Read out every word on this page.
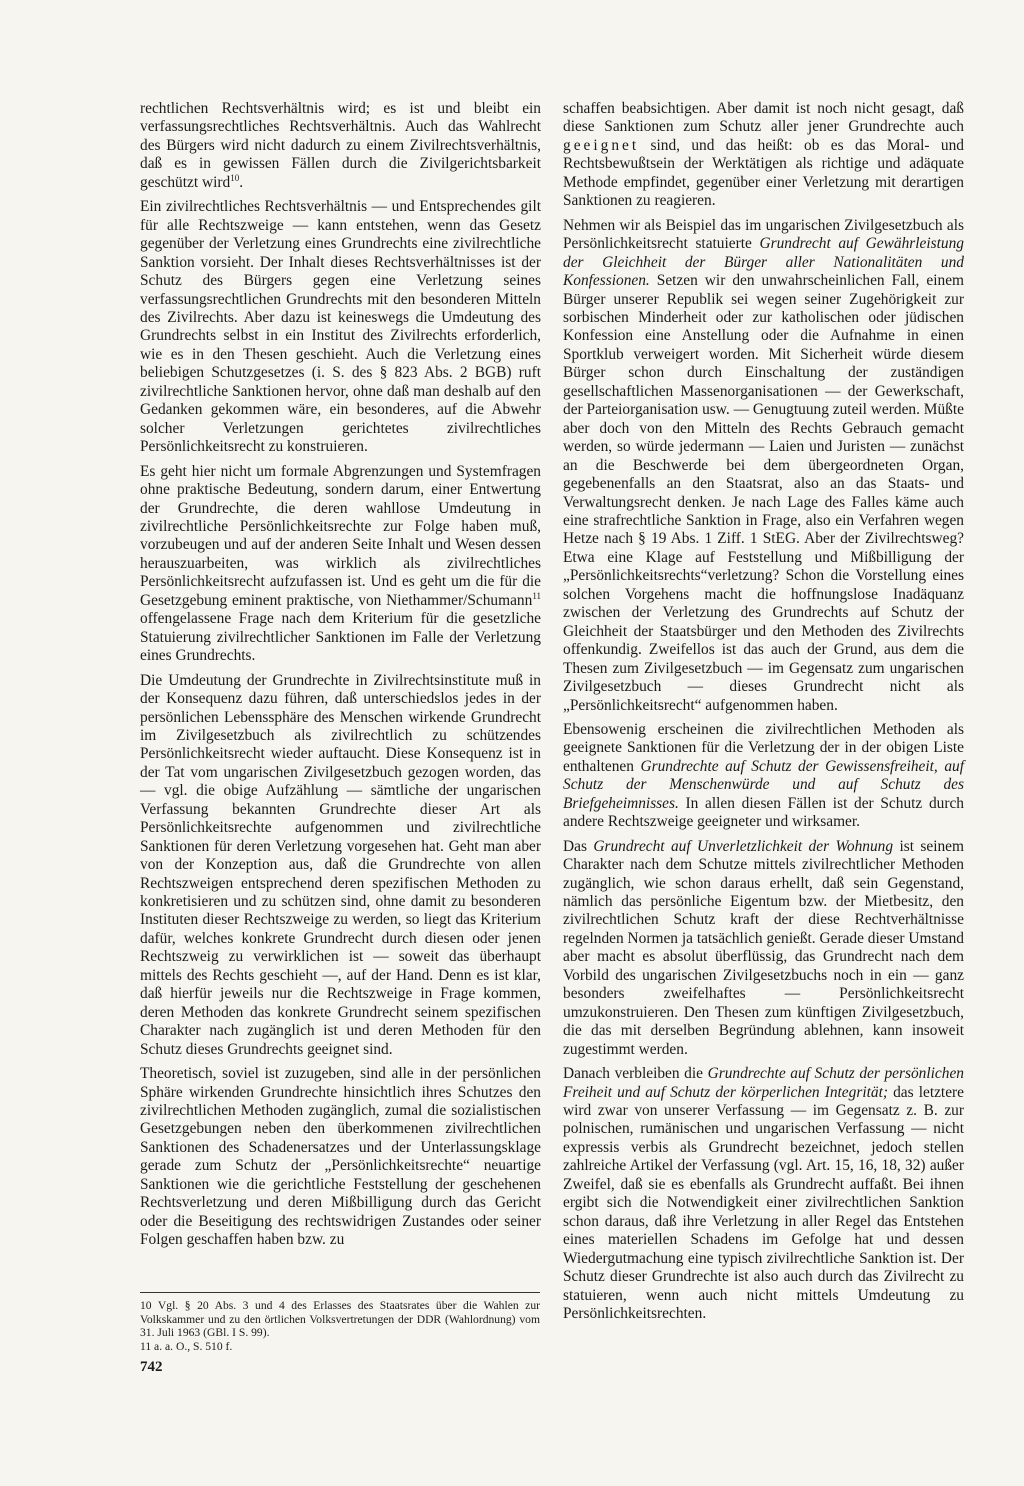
rechtlichen Rechtsverhältnis wird; es ist und bleibt ein verfassungsrechtliches Rechtsverhältnis. Auch das Wahlrecht des Bürgers wird nicht dadurch zu einem Zivilrechtsverhältnis, daß es in gewissen Fällen durch die Zivilgerichtsbarkeit geschützt wird$^{10}$.

Ein zivilrechtliches Rechtsverhältnis — und Entsprechendes gilt für alle Rechtszweige — kann entstehen, wenn das Gesetz gegenüber der Verletzung eines Grundrechts eine zivilrechtliche Sanktion vorsieht. Der Inhalt dieses Rechtsverhältnisses ist der Schutz des Bürgers gegen eine Verletzung seines verfassungsrechtlichen Grundrechts mit den besonderen Mitteln des Zivilrechts. Aber dazu ist keineswegs die Umdeutung des Grundrechts selbst in ein Institut des Zivilrechts erforderlich, wie es in den Thesen geschieht. Auch die Verletzung eines beliebigen Schutzgesetzes (i. S. des § 823 Abs. 2 BGB) ruft zivilrechtliche Sanktionen hervor, ohne daß man deshalb auf den Gedanken gekommen wäre, ein besonderes, auf die Abwehr solcher Verletzungen gerichtetes zivilrechtliches Persönlichkeitsrecht zu konstruieren.

Es geht hier nicht um formale Abgrenzungen und Systemfragen ohne praktische Bedeutung, sondern darum, einer Entwertung der Grundrechte, die deren wahllose Umdeutung in zivilrechtliche Persönlichkeitsrechte zur Folge haben muß, vorzubeugen und auf der anderen Seite Inhalt und Wesen dessen herauszuarbeiten, was wirklich als zivilrechtliches Persönlichkeitsrecht aufzufassen ist. Und es geht um die für die Gesetzgebung eminent praktische, von Niethammer/Schumann$^{11}$ offengelassene Frage nach dem Kriterium für die gesetzliche Statuierung zivilrechtlicher Sanktionen im Falle der Verletzung eines Grundrechts.

Die Umdeutung der Grundrechte in Zivilrechtsinstitute muß in der Konsequenz dazu führen, daß unterschiedslos jedes in der persönlichen Lebenssphäre des Menschen wirkende Grundrecht im Zivilgesetzbuch als zivilrechtlich zu schützendes Persönlichkeitsrecht wieder auftaucht. Diese Konsequenz ist in der Tat vom ungarischen Zivilgesetzbuch gezogen worden, das — vgl. die obige Aufzählung — sämtliche der ungarischen Verfassung bekannten Grundrechte dieser Art als Persönlichkeitsrechte aufgenommen und zivilrechtliche Sanktionen für deren Verletzung vorgesehen hat. Geht man aber von der Konzeption aus, daß die Grundrechte von allen Rechtszweigen entsprechend deren spezifischen Methoden zu konkretisieren und zu schützen sind, ohne damit zu besonderen Instituten dieser Rechtszweige zu werden, so liegt das Kriterium dafür, welches konkrete Grundrecht durch diesen oder jenen Rechtszweig zu verwirklichen ist — soweit das überhaupt mittels des Rechts geschieht —, auf der Hand. Denn es ist klar, daß hierfür jeweils nur die Rechtszweige in Frage kommen, deren Methoden das konkrete Grundrecht seinem spezifischen Charakter nach zugänglich ist und deren Methoden für den Schutz dieses Grundrechts geeignet sind.

Theoretisch, soviel ist zuzugeben, sind alle in der persönlichen Sphäre wirkenden Grundrechte hinsichtlich ihres Schutzes den zivilrechtlichen Methoden zugänglich, zumal die sozialistischen Gesetzgebungen neben den überkommenen zivilrechtlichen Sanktionen des Schadenersatzes und der Unterlassungsklage gerade zum Schutz der „Persönlichkeitsrechte“ neuartige Sanktionen wie die gerichtliche Feststellung der geschehenen Rechtsverletzung und deren Mißbilligung durch das Gericht oder die Beseitigung des rechtswidrigen Zustandes oder seiner Folgen geschaffen haben bzw. zu

schaffen beabsichtigen. Aber damit ist noch nicht gesagt, daß diese Sanktionen zum Schutz aller jener Grundrechte auch geeignet sind, und das heißt: ob es das Moral- und Rechtsbewußtsein der Werktätigen als richtige und adäquate Methode empfindet, gegenüber einer Verletzung mit derartigen Sanktionen zu reagieren.

Nehmen wir als Beispiel das im ungarischen Zivilgesetzbuch als Persönlichkeitsrecht statuierte Grundrecht auf Gewährleistung der Gleichheit der Bürger aller Nationalitäten und Konfessionen. Setzen wir den unwahrscheinlichen Fall, einem Bürger unserer Republik sei wegen seiner Zugehörigkeit zur sorbischen Minderheit oder zur katholischen oder jüdischen Konfession eine Anstellung oder die Aufnahme in einen Sportklub verweigert worden. Mit Sicherheit würde diesem Bürger schon durch Einschaltung der zuständigen gesellschaftlichen Massenorganisationen — der Gewerkschaft, der Parteiorganisation usw. — Genugtuung zuteil werden. Müßte aber doch von den Mitteln des Rechts Gebrauch gemacht werden, so würde jedermann — Laien und Juristen — zunächst an die Beschwerde bei dem übergeordneten Organ, gegebenenfalls an den Staatsrat, also an das Staats- und Verwaltungsrecht denken. Je nach Lage des Falles käme auch eine strafrechtliche Sanktion in Frage, also ein Verfahren wegen Hetze nach § 19 Abs. 1 Ziff. 1 StEG. Aber der Zivilrechtsweg? Etwa eine Klage auf Feststellung und Mißbilligung der „Persönlichkeitsrechts“verletzung? Schon die Vorstellung eines solchen Vorgehens macht die hoffnungslose Inadäquanz zwischen der Verletzung des Grundrechts auf Schutz der Gleichheit der Staatsbürger und den Methoden des Zivilrechts offenkundig. Zweifellos ist das auch der Grund, aus dem die Thesen zum Zivilgesetzbuch — im Gegensatz zum ungarischen Zivilgesetzbuch — dieses Grundrecht nicht als „Persönlichkeitsrecht“ aufgenommen haben.

Ebensowenig erscheinen die zivilrechtlichen Methoden als geeignete Sanktionen für die Verletzung der in der obigen Liste enthaltenen Grundrechte auf Schutz der Gewissensfreiheit, auf Schutz der Menschenwürde und auf Schutz des Briefgeheimnisses. In allen diesen Fällen ist der Schutz durch andere Rechtszweige geeigneter und wirksamer.

Das Grundrecht auf Unverletzlichkeit der Wohnung ist seinem Charakter nach dem Schutze mittels zivilrechtlicher Methoden zugänglich, wie schon daraus erhellt, daß sein Gegenstand, nämlich das persönliche Eigentum bzw. der Mietbesitz, den zivilrechtlichen Schutz kraft der diese Rechtverhältnisse regelnden Normen ja tatsächlich genießt. Gerade dieser Umstand aber macht es absolut überflüssig, das Grundrecht nach dem Vorbild des ungarischen Zivilgesetzbuchs noch in ein — ganz besonders zweifelhaftes — Persönlichkeitsrecht umzukonstruieren. Den Thesen zum künftigen Zivilgesetzbuch, die das mit derselben Begründung ablehnen, kann insoweit zugestimmt werden.

Danach verbleiben die Grundrechte auf Schutz der persönlichen Freiheit und auf Schutz der körperlichen Integrität; das letztere wird zwar von unserer Verfassung — im Gegensatz z. B. zur polnischen, rumänischen und ungarischen Verfassung — nicht expressis verbis als Grundrecht bezeichnet, jedoch stellen zahlreiche Artikel der Verfassung (vgl. Art. 15, 16, 18, 32) außer Zweifel, daß sie es ebenfalls als Grundrecht auffaßt. Bei ihnen ergibt sich die Notwendigkeit einer zivilrechtlichen Sanktion schon daraus, daß ihre Verletzung in aller Regel das Entstehen eines materiellen Schadens im Gefolge hat und dessen Wiedergutmachung eine typisch zivilrechtliche Sanktion ist. Der Schutz dieser Grundrechte ist also auch durch das Zivilrecht zu statuieren, wenn auch nicht mittels Umdeutung zu Persönlichkeitsrechten.

10 Vgl. § 20 Abs. 3 und 4 des Erlasses des Staatsrates über die Wahlen zur Volkskammer und zu den örtlichen Volksvertretungen der DDR (Wahlordnung) vom 31. Juli 1963 (GBl. I S. 99).

11 a. a. O., S. 510 f.

742
